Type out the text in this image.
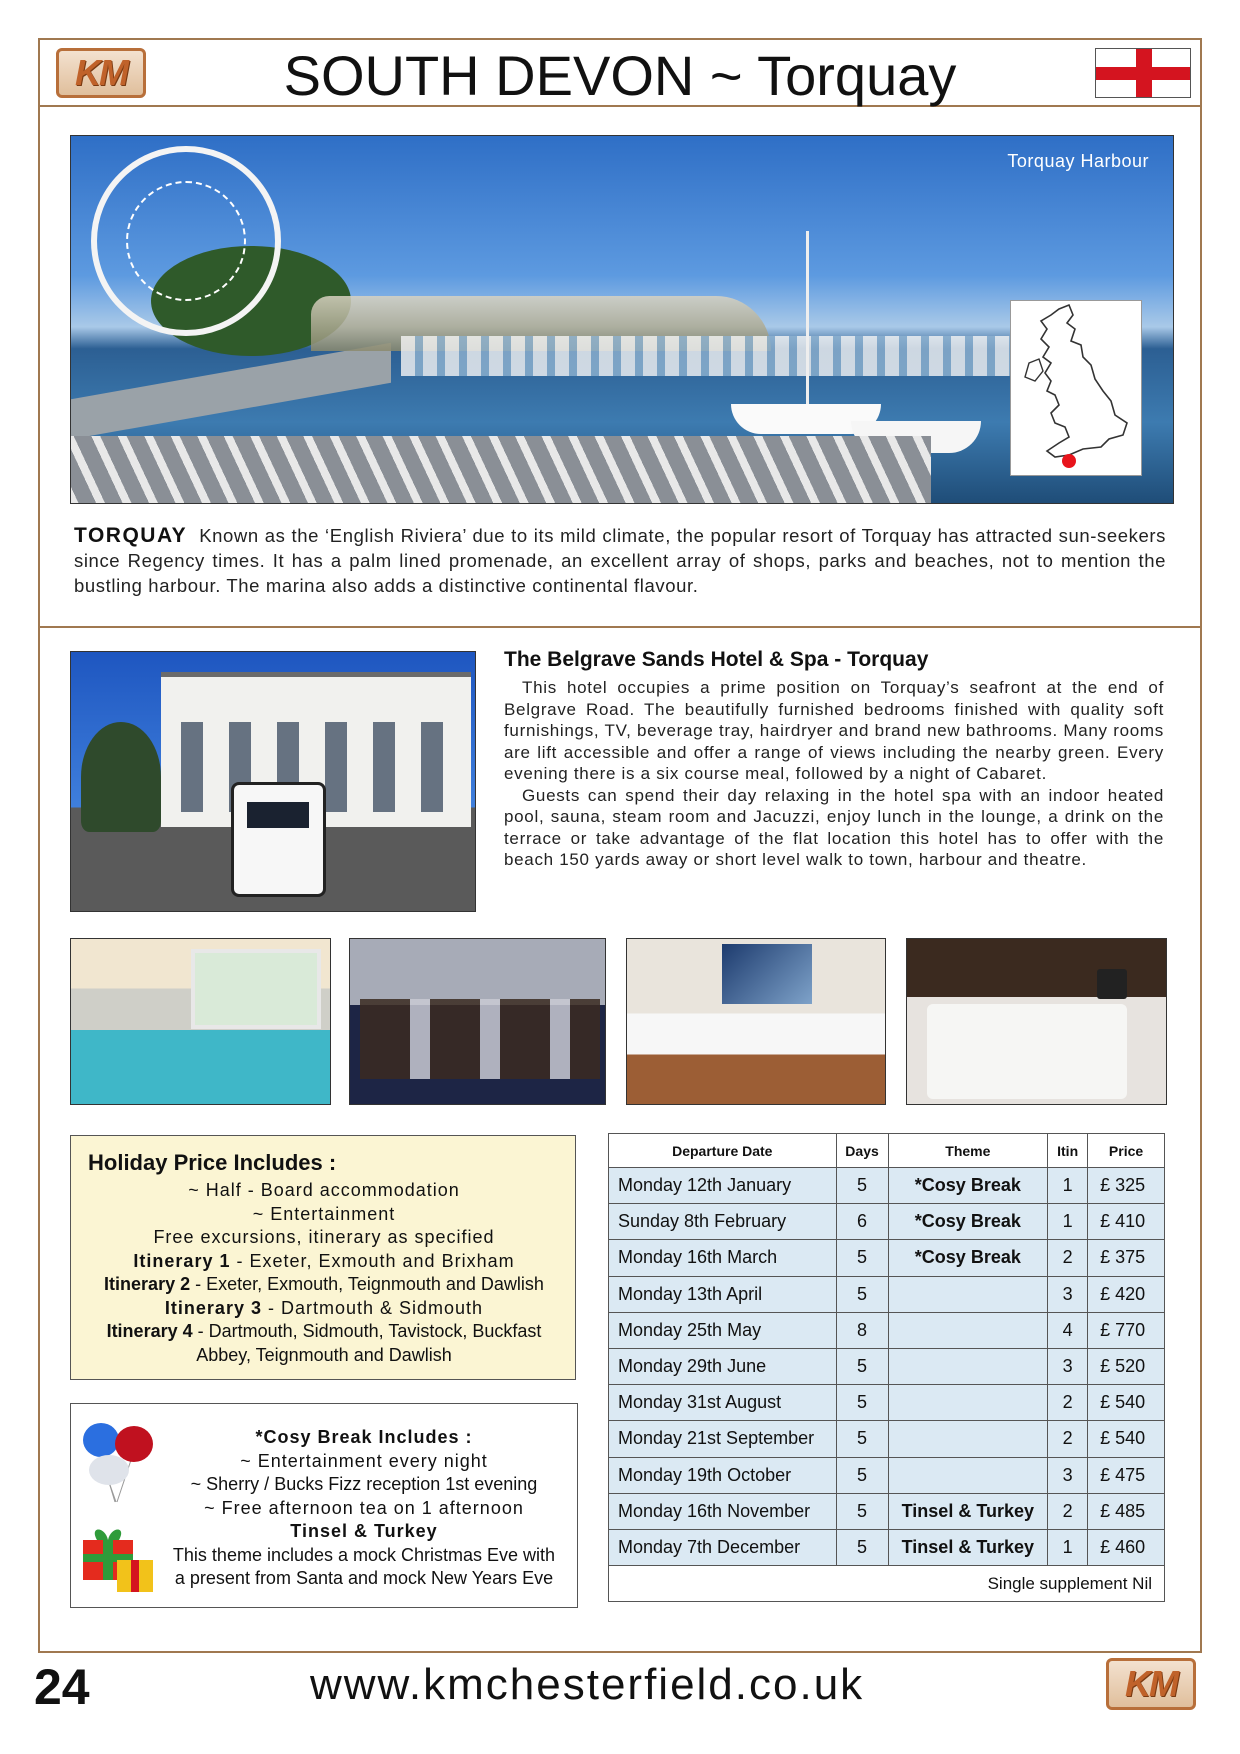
KM	SOUTH DEVON ~ Torquay
Torquay Harbour
TORQUAY Known as the ‘English Riviera’ due to its mild climate, the popular resort of Torquay has attracted sun-seekers since Regency times. It has a palm lined promenade, an excellent array of shops, parks and beaches, not to mention the bustling harbour. The marina also adds a distinctive continental flavour.
The Belgrave Sands Hotel & Spa - Torquay

This hotel occupies a prime position on Torquay’s seafront at the end of Belgrave Road. The beautifully furnished bedrooms finished with quality soft furnishings, TV, beverage tray, hairdryer and brand new bathrooms. Many rooms are lift accessible and offer a range of views including the nearby green. Every evening there is a six course meal, followed by a night of Cabaret.

Guests can spend their day relaxing in the hotel spa with an indoor heated pool, sauna, steam room and Jacuzzi, enjoy lunch in the lounge, a drink on the terrace or take advantage of the flat location this hotel has to offer with the beach 150 yards away or short level walk to town, harbour and theatre.

Holiday Price Includes :
~ Half - Board accommodation
~ Entertainment
Free excursions, itinerary as specified
Itinerary 1 - Exeter, Exmouth and Brixham
Itinerary 2 - Exeter, Exmouth, Teignmouth and Dawlish
Itinerary 3 - Dartmouth & Sidmouth
Itinerary 4 - Dartmouth, Sidmouth, Tavistock, Buckfast Abbey, Teignmouth and Dawlish
*Cosy Break Includes :
~ Entertainment every night
~ Sherry / Bucks Fizz reception 1st evening
~ Free afternoon tea on 1 afternoon
Tinsel & Turkey
This theme includes a mock Christmas Eve with
a present from Santa and mock New Years Eve
Departure Date	Days	Theme	Itin	Price
Monday 12th January	5	*Cosy Break	1	£ 325
Sunday 8th February	6	*Cosy Break	1	£ 410
Monday 16th March	5	*Cosy Break	2	£ 375
Monday 13th April	5		3	£ 420
Monday 25th May	8		4	£ 770
Monday 29th June	5		3	£ 520
Monday 31st August	5		2	£ 540
Monday 21st September	5		2	£ 540
Monday 19th October	5		3	£ 475
Monday 16th November	5	Tinsel & Turkey	2	£ 485
Monday 7th December	5	Tinsel & Turkey	1	£ 460
Single supplement Nil				
24	www.kmchesterfield.co.uk	KM
